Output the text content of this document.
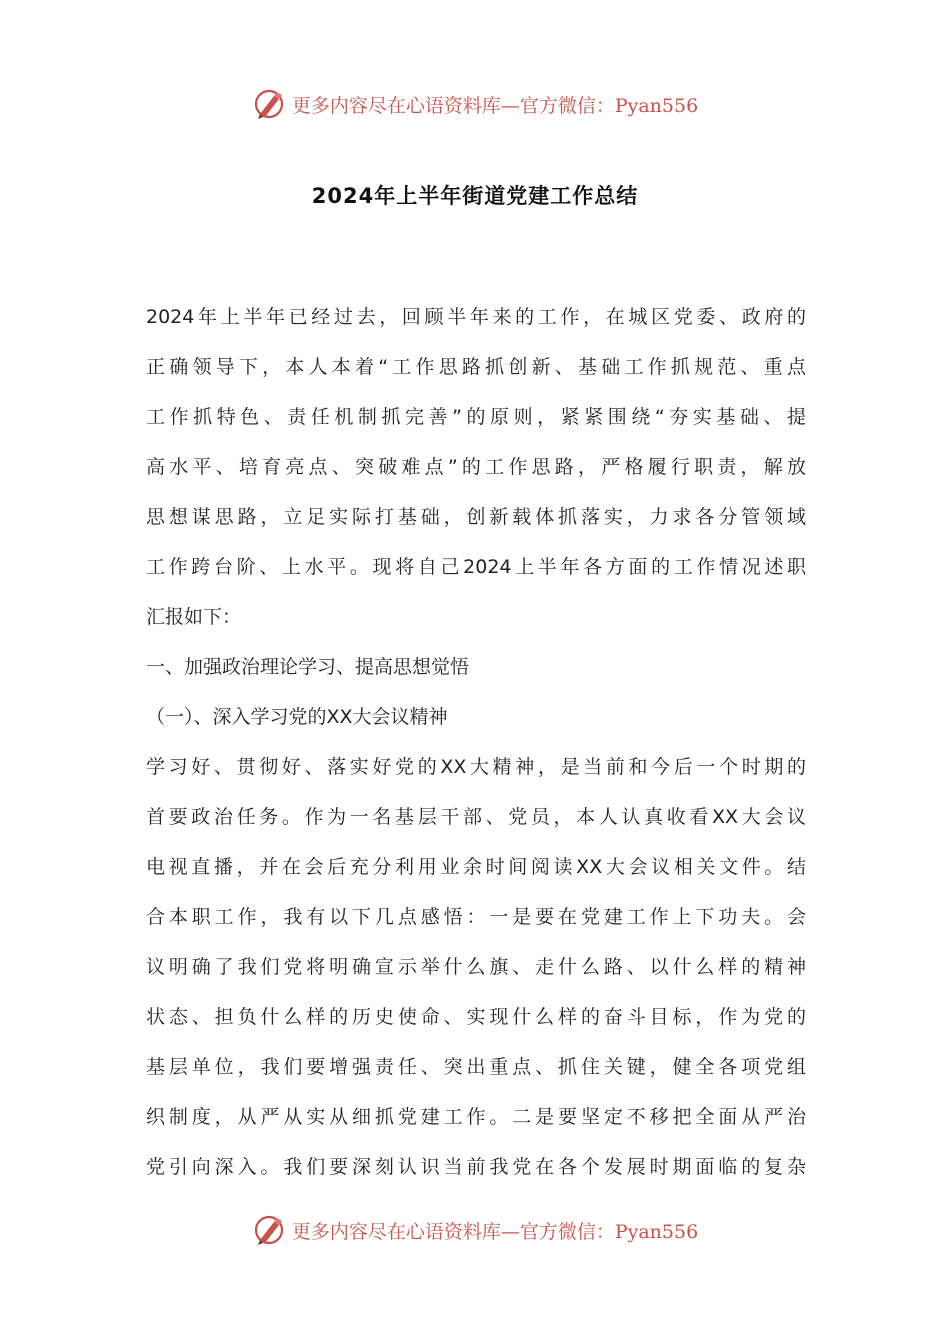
更多内容尽在心语资料库—官方微信：Pyan556
2024年上半年街道党建工作总结
2024年上半年已经过去，回顾半年来的工作，在城区党委、政府的
正确领导下，本人本着“工作思路抓创新、基础工作抓规范、重点
工作抓特色、责任机制抓完善”的原则，紧紧围绕“夯实基础、提
高水平、培育亮点、突破难点”的工作思路，严格履行职责，解放
思想谋思路，立足实际打基础，创新载体抓落实，力求各分管领域
工作跨台阶、上水平。现将自己2024上半年各方面的工作情况述职
汇报如下：
一、加强政治理论学习、提高思想觉悟
（一）、深入学习党的XX大会议精神
学习好、贯彻好、落实好党的XX大精神，是当前和今后一个时期的
首要政治任务。作为一名基层干部、党员，本人认真收看XX大会议
电视直播，并在会后充分利用业余时间阅读XX大会议相关文件。结
合本职工作，我有以下几点感悟：一是要在党建工作上下功夫。会
议明确了我们党将明确宣示举什么旗、走什么路、以什么样的精神
状态、担负什么样的历史使命、实现什么样的奋斗目标，作为党的
基层单位，我们要增强责任、突出重点、抓住关键，健全各项党组
织制度，从严从实从细抓党建工作。二是要坚定不移把全面从严治
党引向深入。我们要深刻认识当前我党在各个发展时期面临的复杂
更多内容尽在心语资料库—官方微信：Pyan556
